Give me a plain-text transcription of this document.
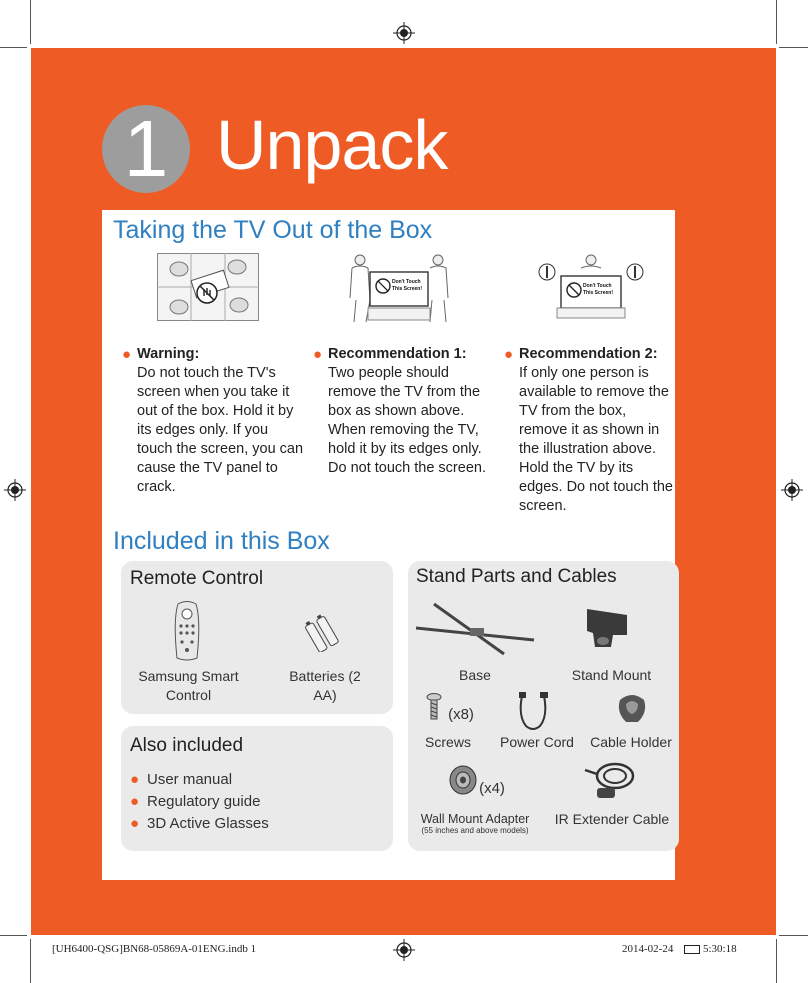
1 Unpack
Taking the TV Out of the Box
Don't Touch
This Screen!	Don't Touch
This Screen!
● Warning:
Do not touch the TV's screen when you take it out of the box. Hold it by its edges only. If you touch the screen, you can cause the TV panel to crack.
● Recommendation 1:
Two people should remove the TV from the box as shown above. When removing the TV, hold it by its edges only. Do not touch the screen.
● Recommendation 2:
If only one person is available to remove the TV from the box, remove it as shown in the illustration above. Hold the TV by its edges. Do not touch the screen.
Included in this Box
Remote Control
Samsung Smart Control
Batteries (2 AA)
Also included
● User manual
● Regulatory guide
● 3D Active Glasses
Stand Parts and Cables
(x8)
(x4)
Base	Stand Mount
Screws	Power Cord	Cable Holder
Wall Mount Adapter
(55 inches and above models)
IR Extender Cable
[UH6400-QSG]BN68-05869A-01ENG.indb 1	2014-02-24	5:30:18
